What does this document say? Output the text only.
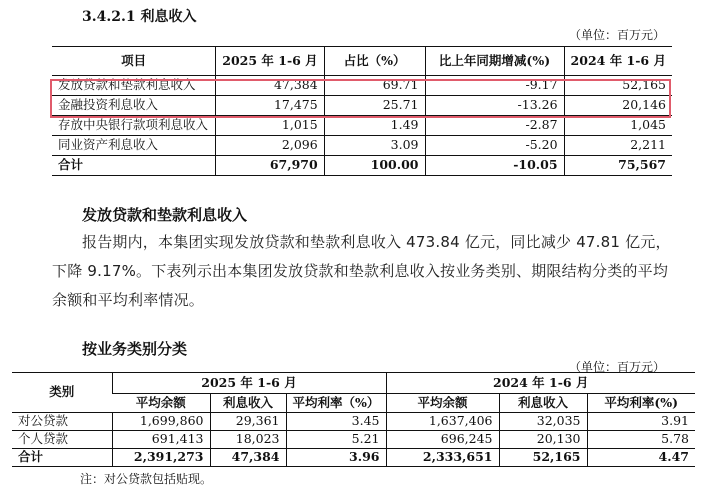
3.4.2.1 利息收入
（单位：百万元）
项目	2025 年 1-6 月	占比（%）	比上年同期增减(%)	2024 年 1-6 月
发放贷款和垫款利息收入	47,384	69.71	-9.17	52,165
金融投资利息收入	17,475	25.71	-13.26	20,146
存放中央银行款项利息收入	1,015	1.49	-2.87	1,045
同业资产利息收入	2,096	3.09	-5.20	2,211
合计	67,970	100.00	-10.05	75,567
发放贷款和垫款利息收入
报告期内，本集团实现发放贷款和垫款利息收入 473.84 亿元，同比减少 47.81 亿元，下降 9.17%。下表列示出本集团发放贷款和垫款利息收入按业务类别、期限结构分类的平均余额和平均利率情况。
按业务类别分类
（单位：百万元）
类别	2025 年 1-6 月			2024 年 1-6 月		
	平均余额	利息收入	平均利率（%）	平均余额	利息收入	平均利率(%)
对公贷款	1,699,860	29,361	3.45	1,637,406	32,035	3.91
个人贷款	691,413	18,023	5.21	696,245	20,130	5.78
合计	2,391,273	47,384	3.96	2,333,651	52,165	4.47
注：对公贷款包括贴现。
